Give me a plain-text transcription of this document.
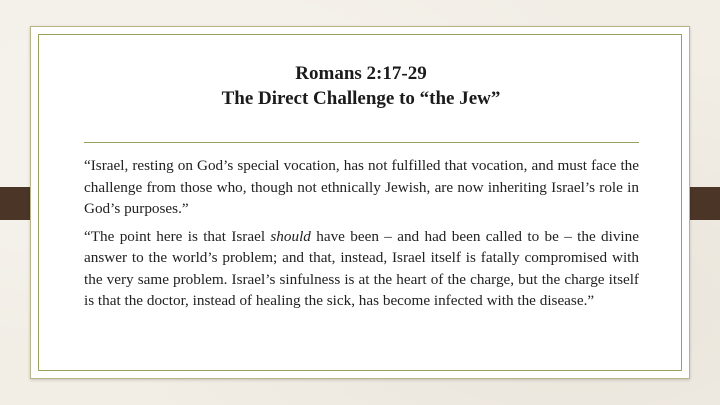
Romans 2:17-29
The Direct Challenge to “the Jew”

“Israel, resting on God’s special vocation, has not fulfilled that vocation, and must face the challenge from those who, though not ethnically Jewish, are now inheriting Israel’s role in God’s purposes.”

“The point here is that Israel should have been – and had been called to be – the divine answer to the world’s problem; and that, instead, Israel itself is fatally compromised with the very same problem. Israel’s sinfulness is at the heart of the charge, but the charge itself is that the doctor, instead of healing the sick, has become infected with the disease.”
